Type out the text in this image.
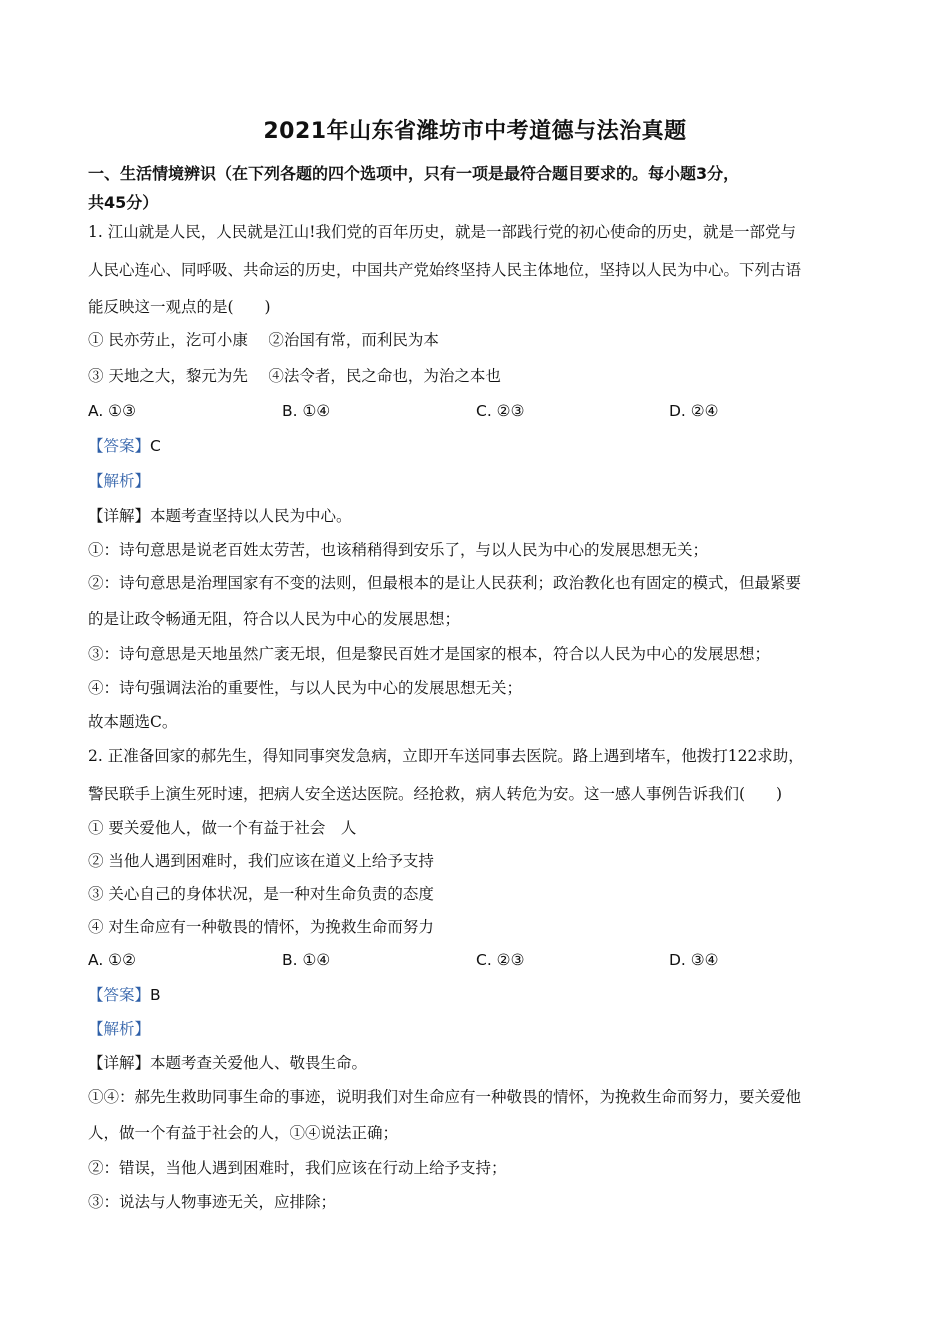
2021年山东省潍坊市中考道德与法治真题
一、生活情境辨识（在下列各题的四个选项中，只有一项是最符合题目要求的。每小题3分，
共45分）
1. 江山就是人民，人民就是江山!我们党的百年历史，就是一部践行党的初心使命的历史，就是一部党与
人民心连心、同呼吸、共命运的历史，中国共产党始终坚持人民主体地位，坚持以人民为中心。下列古语
能反映这一观点的是(　　)
① 民亦劳止，汔可小康　 ②治国有常，而利民为本
③ 天地之大，黎元为先　 ④法令者，民之命也，为治之本也
A. ①③	B. ①④	C. ②③	D. ②④
【答案】C
【解析】
【详解】本题考查坚持以人民为中心。
①：诗句意思是说老百姓太劳苦，也该稍稍得到安乐了，与以人民为中心的发展思想无关；
②：诗句意思是治理国家有不变的法则，但最根本的是让人民获利；政治教化也有固定的模式，但最紧要
的是让政令畅通无阻，符合以人民为中心的发展思想；
③：诗句意思是天地虽然广袤无垠，但是黎民百姓才是国家的根本，符合以人民为中心的发展思想；
④：诗句强调法治的重要性，与以人民为中心的发展思想无关；
故本题选C。
2. 正准备回家的郝先生，得知同事突发急病，立即开车送同事去医院。路上遇到堵车，他拨打122求助，
警民联手上演生死时速，把病人安全送达医院。经抢救，病人转危为安。这一感人事例告诉我们(　　)
① 要关爱他人，做一个有益于社会　人
② 当他人遇到困难时，我们应该在道义上给予支持
③ 关心自己的身体状况，是一种对生命负责的态度
④ 对生命应有一种敬畏的情怀，为挽救生命而努力
A. ①②	B. ①④	C. ②③	D. ③④
【答案】B
【解析】
【详解】本题考查关爱他人、敬畏生命。
①④：郝先生救助同事生命的事迹，说明我们对生命应有一种敬畏的情怀，为挽救生命而努力，要关爱他
人，做一个有益于社会的人，①④说法正确；
②：错误，当他人遇到困难时，我们应该在行动上给予支持；
③：说法与人物事迹无关，应排除；
